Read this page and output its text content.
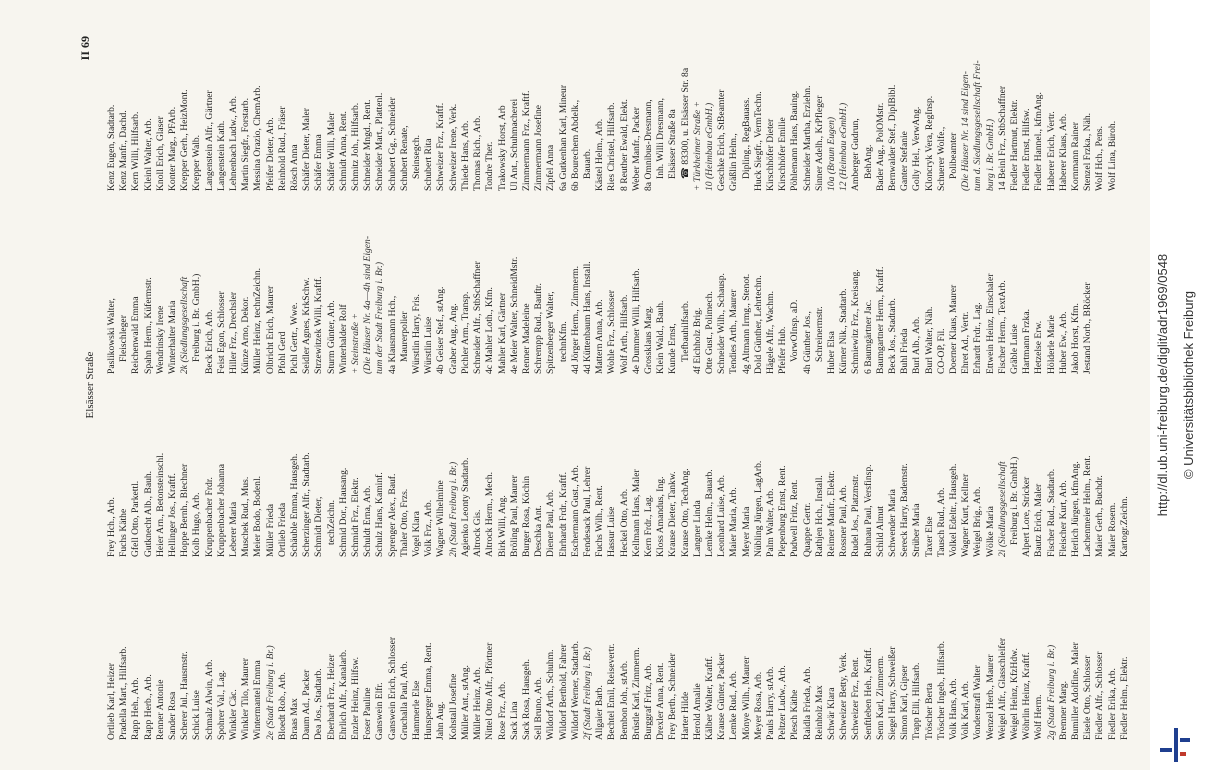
Elsässer Straße
II 69
Ortlieb Karl, Heizer Pradella Mart., Hilfsarb. Rapp Heh., Arb. Rapp Herb., Arb. Renner Antonie Sander Rosa Scherer Jul., Hausmstr. Schick Luise Schmalz Alwin, Arb. Spohrer Val., Lag. Winkler Cäc. Winkler Tilo, Maurer Wintermantel Emma 2e (Stadt Freiburg i. Br.) Bloedt Rob., Arb. Braas Max Daum Ad., Packer Dea Jos., Stadtarb. Eberhardt Frz., Heizer Ehrlich Alfr., Kanalarb. Enzler Heinz, Hilfsw. Foser Pauline Ganswein Elfr. Ganswein Erich, Schlosser Gruchalla Paul, Arb. Hammerle Else Hunsperger Emma, Rent. Jahn Aug. Kohstall Josefine Müller Ant., stAng. Müller Heinz, Arb. Nittel Otto Alfr., Pförtner Rose Frz., Arb. Sack Lina Sack Rosa, Hausgeh. Sell Bruno, Arb. Wildorf Arth., Schuhm. Wildorf Berthold, Fahrer Wildorf Werner, Stadtarb. 2f (Stadt Freiburg i. Br.) Allgaier Barb. Bechtel Emil, Reisevertr. Bembon Joh., stArb. Brüstle Karl, Zimmerm. Burggraf Fritz, Arb. Drexler Anna, Rent. Frey Berth., Schneider Harter Hilde Herold Amalie Kälber Walter, Kraftf. Krause Günter, Packer Lemke Rud., Arb. Mönye Wilh., Maurer Meyer Rosa, Arb. Pauls Harry, stArb. Peltzer Ludw., Arb. Plesch Käthe Raidla Frieda, Arb. Reinholz Max Schwär Klara Schweizer Betty, Verk. Schweizer Frz., Rent. Senftleben Heh., Kraftf. Senn Karl, Zimmerm. Siegel Harry, Schweißer Simon Karl, Gipser Trapp Elli, Hilfsarb. Tröscher Berta Tröscher Ingeb., Hilfsarb. Volk Hans, Arb. Volk Karl, Arb. Vonderstrafl Walter Wenzel Herb., Maurer Weigel Alfr., Glasschleifer Weigel Heinz, KfzHdw. Wöhrlin Heinz, Kraftf. Wolf Herm. 2g (Stadt Freiburg i. Br.) Bremner Marg. Bumiller Adolfine, Maler Eisele Otto, Schlosser Fiedler Alfr., Schlosser Fiedler Erika, Arb. Fiedler Helm., Elektr.
Frey Hch., Arb. Fuchs Käthe Gfell Otto, Parkettl. Gutknecht Alb., Bauh. Heier Arn., Betonsteinschl. Hellinger Jos., Kraftf. Hoppe Bernh., Blechner Kolb Hugo, Arb. Kruppenbacher Frdr. Kruppenbacher Johanna Leberer Maria Muschek Rud., Mus. Meier Bodo, Bodenl. Müller Frieda Ortlieb Frieda Schäuble Emma, Hausgeh. Scherzinger Alfr., Stadtarb. Schmidt Dieter, techZeichn. Schmid Dor., Hausang. Schmidt Frz., Elektr. Schuldt Erna, Arb. Schulz Hans, Kaminf. Sprenger Alex., Bauf. Thaler Otto, Frzs. Vogel Klara Volk Frz., Arb. Wagner Wilhelmine 2h (Stadt Freiburg i. Br.) Agienko Leonty Stadtarb. Altrock Gis. Altrock Herm., Mech. Birk Willi, Ang. Bröling Paul, Maurer Burger Rosa, Köchin Deschka Ant. Diener Paul, Arb. Ehrhardt Frdr., Kraftf. Eschermann Gust., Arb. Fendesack Paul, Lehrer Fuchs Wilh., Rent. Hassur Luise Heckel Otto, Arb. Kellmann Hans, Maler Kern Frdr., Lag. Kloss Amandus, Ing. Krause Dieter, Tankw. Krause Otto, TechAng. Langner Linda Lemke Helm., Bauarb. Leonhard Luise, Arb. Maier Maria, Arb. Meyer Maria Nübling Jürgen, LagArb. Palm Walter, Arb. Piepenburg Ernst, Rent. Pudwell Fritz, Rent. Quappe Gertr. Rathjen Hch., Install. Reimer Manfr., Elektr. Rossner Paul, Arb. Rudel Jos., Platzmstr. Ruhnau Paul, Versfinsp. Schild Almut Schwender Maria Sereck Harry, Bademstr. Strüber Maria Taxer Else Tausch Rud., Arb. Volkel Edeltr., Hausgeh. Wagner Kurt, Kellner Weigel Brig., Arb. Wölke Maria 2i (Siedlungsgesellschaft Freiburg i. Br. GmbH.) Alpert Lore, Stricker Bautz Erich, Maler Fischer Rud., Stadtarb. Fleischer Kurt, Arb. Herlich Jürgen, kfmAng. Lachenmeier Helm., Rent. Maier Gerh., Buchdr. Maier Rosem. Kartogr.Zeichn.
Paslikowski Walter, Fleischleger Reichenwald Emma Spahn Herm., Küfermstr. Wendrinsky Irene Winterhalter Maria 2k (Siedlungsgesellschaft Freiburg i. Br. GmbH.) Beck Erich, Arb. Feist Egon, Schlosser Hiller Frz., Drechsler Künze Arno, Dekor. Müller Heinz, technZeichn. Olbricht Erich, Maurer Pfohl Gerd Pichl Gertr., Wwe. Seidler Agnes, KrkSchw. Strzewitzek Willi, Kraftf. Sturm Günter, Arb. Winterhalder Rolf + Steinstraße + (Die Häuser Nr. 4a—4h sind Eigen- tum der Stadt Freiburg i. Br.) 4a Klausmann Hch., Maurerpolier Würstlin Harry, Fris. Würstlin Luise 4b Geiser Stef., stAng. Graber Aug., Ang. Pichler Arm., Transp. Schneider Alfr., StbSchaffner 4c Mahler Loth., Kfm. Mahler Karl, Gärtner 4e Meier Walter, SchneidMstr. Renner Madeleine Schrempp Rud., Bauftr. Spitzenberger Walter, technKfm. 4d Jörger Herm., Zimmerm. 4d Küttenbaum Hans, Install. Mattern Anna, Arb. Wohle Frz., Schlosser Wolf Arth., Hilfsarb. 4e Dummer Willi, Hilfsarb. Grossklaus Marg. Klein Wald., Bauh. Kunde Ernst, Tiefbauhilfsarb. 4f Eichholz Brig. Otte Gust., Polimech. Schneider Wilh., Schausp. Tendies Arth., Maurer 4g Altmann Irmg., Stenot. Dold Günther, Lehrtechn. Hägele Alfr., Wachm. Pfeifer Hub. VorwOInsp. aD. 4h Günther Jos., Schreinermstr. Huber Elsa Kürner Nik., Stadtarb. Schmiewitz Frz., Kreisang. 6 Baumgärtner Jac. Baumgartner Herm., Kraftf. Beck Jos., Stadtarb. Buhl Frieda Burl Alb., Arb. Burl Walter, Näh. CO-OP, Fil. Doerner Klaus, Maurer Ehret Ad., Vertr. Erhardt Frdr., Lag. Ettwein Heinz, Einschaler Fischer Herm., TextArb. Gräble Luise Hartmann Frzka. Hetzelse Erw. Hölderle Marie Huber Ew., Arb. Jakob Horst, Kfm. Jestand Norb., BRöcker
Kenz Eugen, Stadtarb. Kenz Manfr., Dachd. Kern Willi, Hilfsarb. Kleinl Walter, Arb. Knoll Erich, Glaser Konter Marg., PFArb. Krepper Gerh., HeizMont. Krepper Walb. Langenstein Alfr., Gärtner Langenstein Kath. Lehnenbach Ludw., Arb. Martin Siegfr., Forstarb. Messina Orazio, ChemArb. Pfeifer Dieter, Arb. Reinhold Rud., Fräser Rösch Anna Schäfer Dieter, Maler Schäfer Emma Schäfer Willi, Maler Schmidt Anna, Rent. Schmitz Joh., Hilfsarb. Schneider Mngd., Rent. Schneider Mart., Plattenl. Schubert Gg., Schneider Schubert Renate, Steinsegch. Schubert Rita Schweizer Frz., Kraftf. Schweizer Irene, Verk. Thiede Hans, Arb. Thomas Rich., Arb. Tondre Ther. Trakowsky Horst, Arb Ul Ant., Schuhmacherei Zimmermann Frz., Kraftf. Zimmermann Josefine Zipfel Anna 6a Gutkenhan Karl, Mineur 6b Bourechem Abdelk., Bauarb. Kästel Helm., Arb. Ries Christel, Hilfsarb. 8 Reuther Ewald, Elekt. Weber Manfr., Packer 8a Omnibus-Dresmann, Inh. Willi Dresmann, Elsässer Straße 8a ☎ 83300, u. Elsässer Str. 8a + Türkheimer Straße + 10 (Heimbau eGmbH.) Geschke Erich, StBeamter Gräßlin Helm., Dipling., RegBauass. Huck Siegfr., VermTechn. Kirschhöfer Dieter Kirschhöfer Emilie Pöhlemann Hans, Bauing. Schneider Martha, Erziehn. Sinner Adelh., KrPfleger 10a (Braun Eugen) 12 (Heimbau eGmbH.) Amberger Gudrun, BehAng. Bader Aug., PolOMstr. Bernwalder Stef., DipIBibl. Ganter Stefanie Golly Hel., VerwAng. Kloncryk Vera, RegInsp. Schuerer Wolfe., Polibeamter (Die Häuser Nr. 14 sind Eigen- tum d. Siedlungsgesellschaft Frei- burg i. Br. GmbH.) 14 Beinl Frz., StbSchaffner Fiedler Hartmut, Elektr. Fiedler Ernst, Hilfsw. Fiedler Hannel., kfmAng. Haberer Erich, Vertr. Haberer Klaus, Arb. Kornmann Rainer Stenzel Frzka., Näh. Wolf Hch., Pens. Wolf Lina, Büroh.
http://dl.ub.uni-freiburg.de/diglit/adr1969/0548 © Universitätsbibliothek Freiburg
